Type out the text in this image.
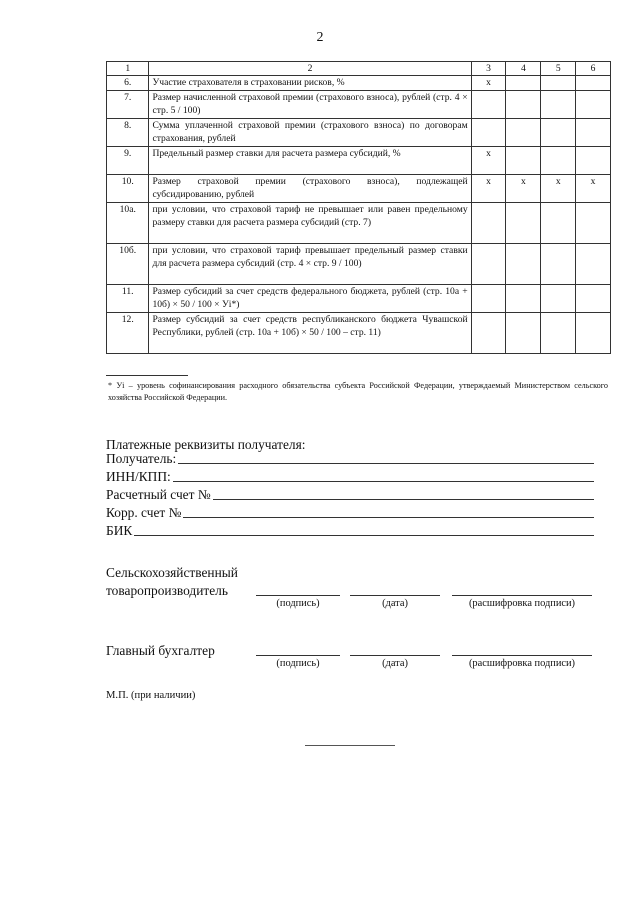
2
1	2	3	4	5	6
6.	Участие страхователя в страховании рисков, %	х			
7.	Размер начисленной страховой премии (страхового взноса), рублей (стр. 4 × стр. 5 / 100)				
8.	Сумма уплаченной страховой премии (страхового взноса) по договорам страхования, рублей				
9.	Предельный размер ставки для расчета размера субсидий, %	х			
10.	Размер страховой премии (страхового взноса), подлежащей субсидированию, рублей	х	х	х	х
10а.	при условии, что страховой тариф не превышает или равен предельному размеру ставки для расчета размера субсидий (стр. 7)				
10б.	при условии, что страховой тариф превышает предельный размер ставки для расчета размера субсидий (стр. 4 × стр. 9 / 100)				
11.	Размер субсидий за счет средств федерального бюджета, рублей (стр. 10а + 10б) × 50 / 100 × Уi*)				
12.	Размер субсидий за счет средств республиканского бюджета Чувашской Республики, рублей (стр. 10а + 10б) × 50 / 100 – стр. 11)				
* Уi – уровень софинансирования расходного обязательства субъекта Российской Федерации, утверждаемый Министерством сельского хозяйства Российской Федерации.
Платежные реквизиты получателя:
Получатель:
ИНН/КПП:
Расчетный счет №
Корр. счет №
БИК
Сельскохозяйственный
товаропроизводитель
(подпись)	(дата)	(расшифровка подписи)
Главный бухгалтер
(подпись)	(дата)	(расшифровка подписи)
М.П. (при наличии)
